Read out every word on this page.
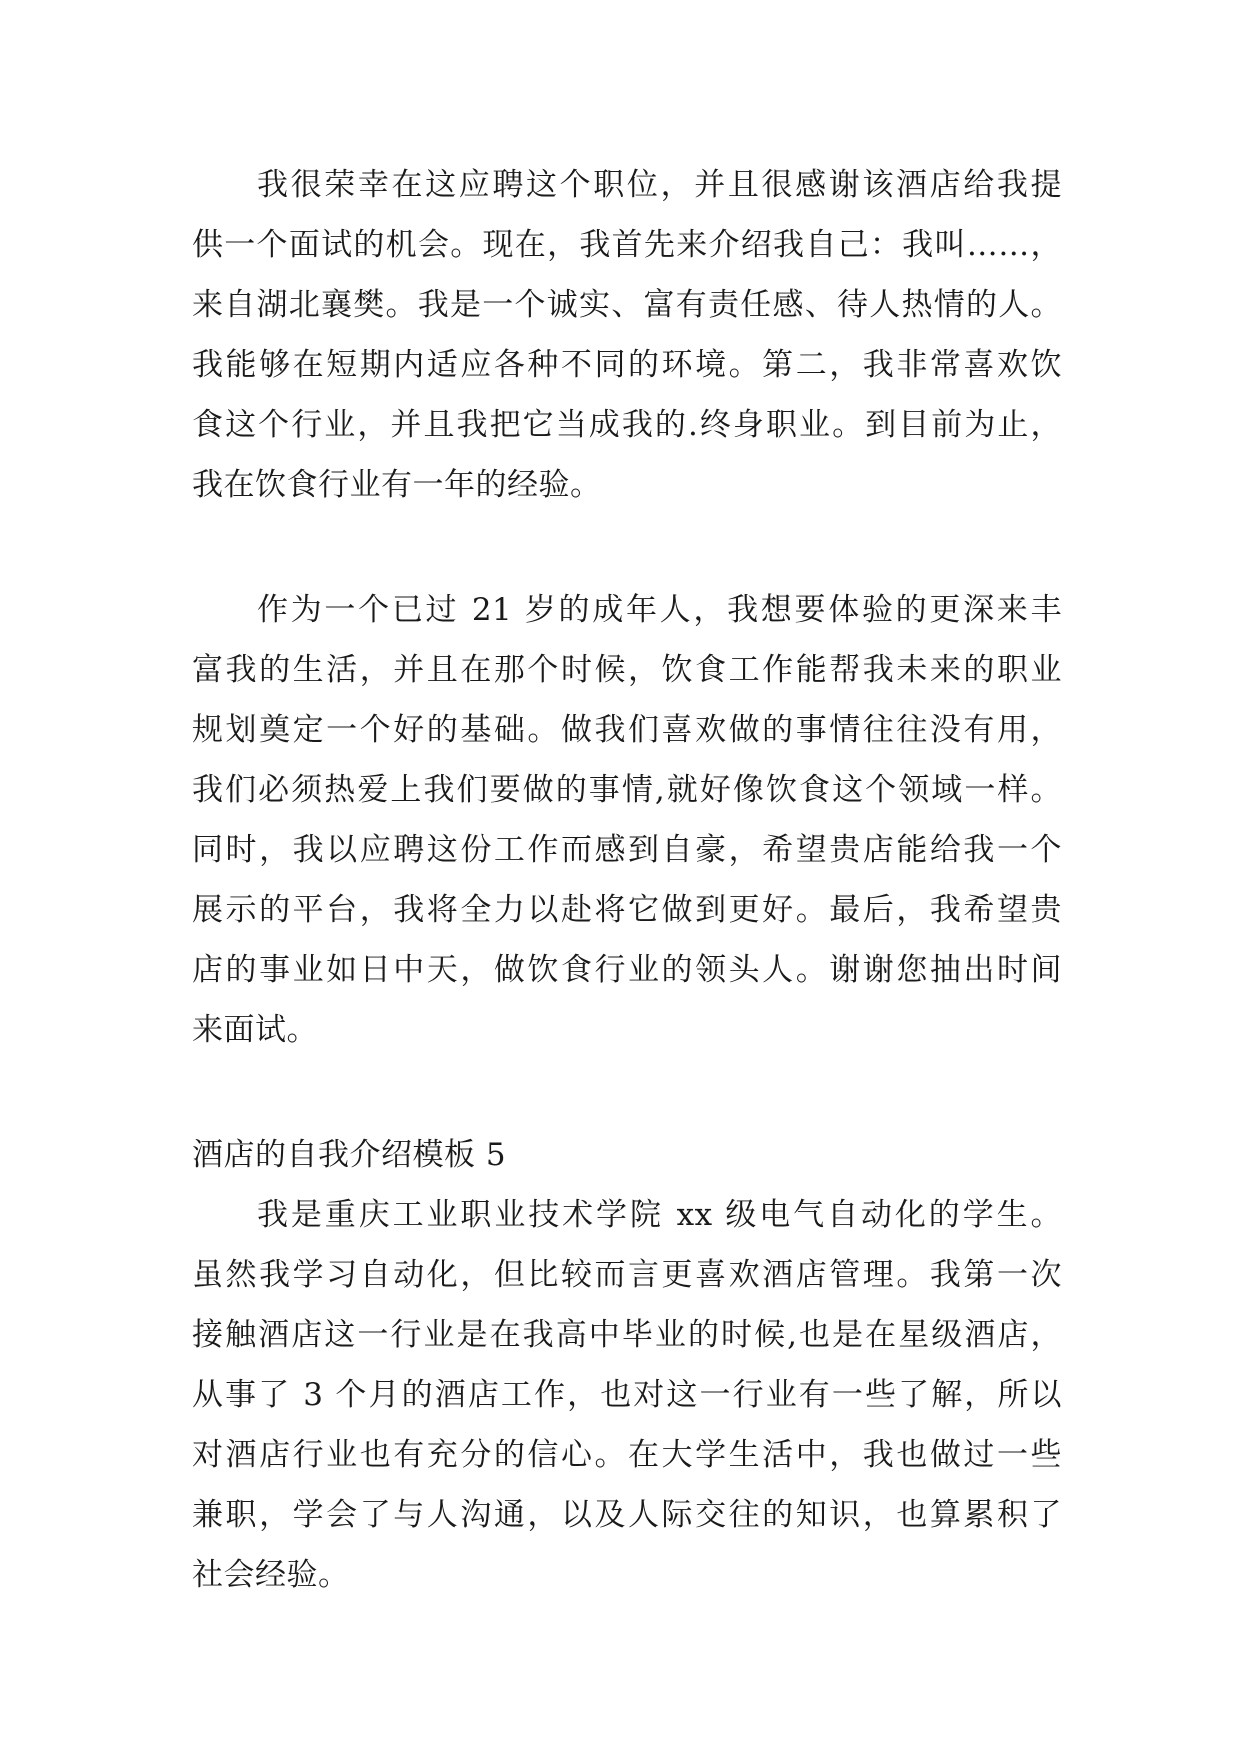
我很荣幸在这应聘这个职位，并且很感谢该酒店给我提
供一个面试的机会。现在，我首先来介绍我自己：我叫……，
来自湖北襄樊。我是一个诚实、富有责任感、待人热情的人。
我能够在短期内适应各种不同的环境。第二，我非常喜欢饮
食这个行业，并且我把它当成我的.终身职业。到目前为止，
我在饮食行业有一年的经验。
作为一个已过 21 岁的成年人，我想要体验的更深来丰
富我的生活，并且在那个时候，饮食工作能帮我未来的职业
规划奠定一个好的基础。做我们喜欢做的事情往往没有用，
我们必须热爱上我们要做的事情,就好像饮食这个领域一样。
同时，我以应聘这份工作而感到自豪，希望贵店能给我一个
展示的平台，我将全力以赴将它做到更好。最后，我希望贵
店的事业如日中天，做饮食行业的领头人。谢谢您抽出时间
来面试。
酒店的自我介绍模板 5
我是重庆工业职业技术学院 xx 级电气自动化的学生。
虽然我学习自动化，但比较而言更喜欢酒店管理。我第一次
接触酒店这一行业是在我高中毕业的时候,也是在星级酒店，
从事了 3 个月的酒店工作，也对这一行业有一些了解，所以
对酒店行业也有充分的信心。在大学生活中，我也做过一些
兼职，学会了与人沟通，以及人际交往的知识，也算累积了
社会经验。
